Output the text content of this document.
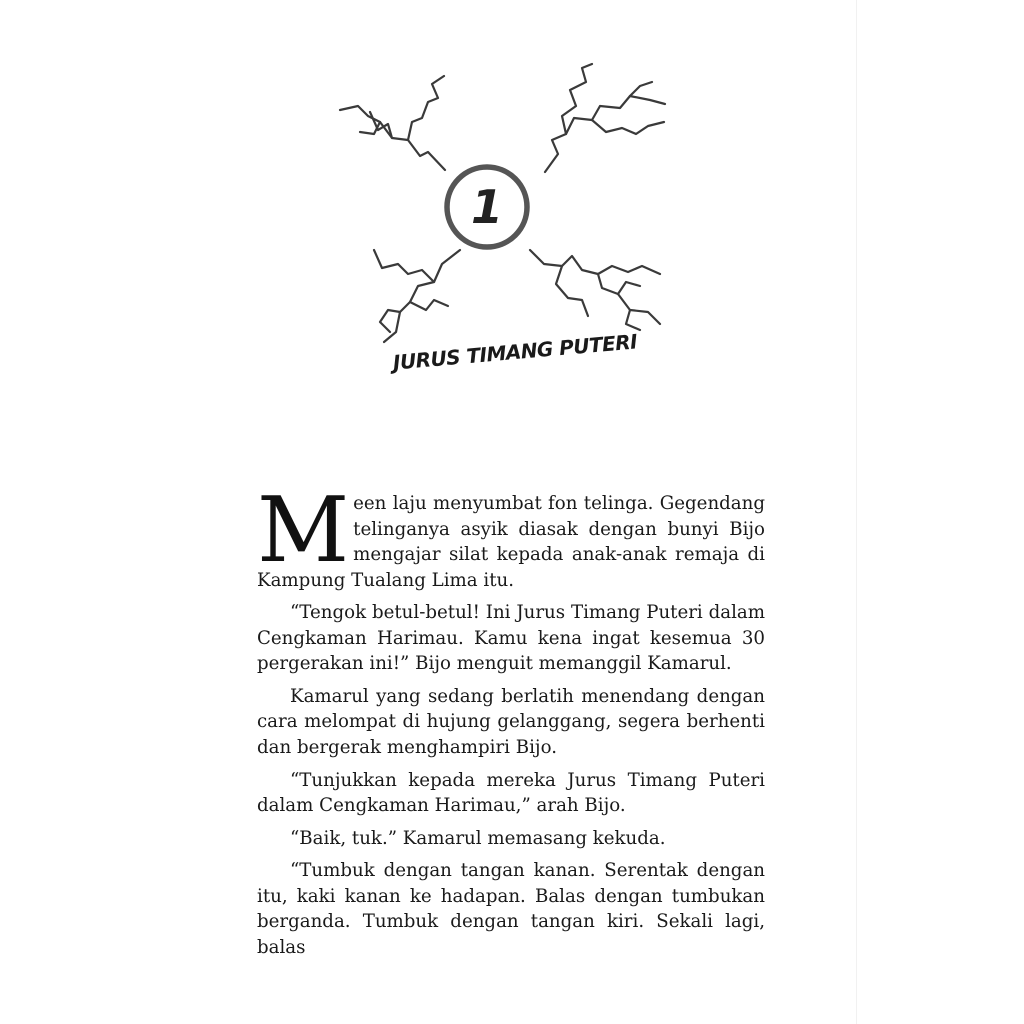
1
JURUS TIMANG PUTERI

Meen laju menyumbat fon telinga. Gegendang telinganya asyik diasak dengan bunyi Bijo mengajar silat kepada anak-anak remaja di Kampung Tualang Lima itu.

“Tengok betul-betul! Ini Jurus Timang Puteri dalam Cengkaman Harimau. Kamu kena ingat kesemua 30 pergerakan ini!” Bijo menguit memanggil Kamarul.

Kamarul yang sedang berlatih menendang dengan cara melompat di hujung gelanggang, segera berhenti dan bergerak menghampiri Bijo.

“Tunjukkan kepada mereka Jurus Timang Puteri dalam Cengkaman Harimau,” arah Bijo.

“Baik, tuk.” Kamarul memasang kekuda.

“Tumbuk dengan tangan kanan. Serentak dengan itu, kaki kanan ke hadapan. Balas dengan tumbukan berganda. Tumbuk dengan tangan kiri. Sekali lagi, balas
